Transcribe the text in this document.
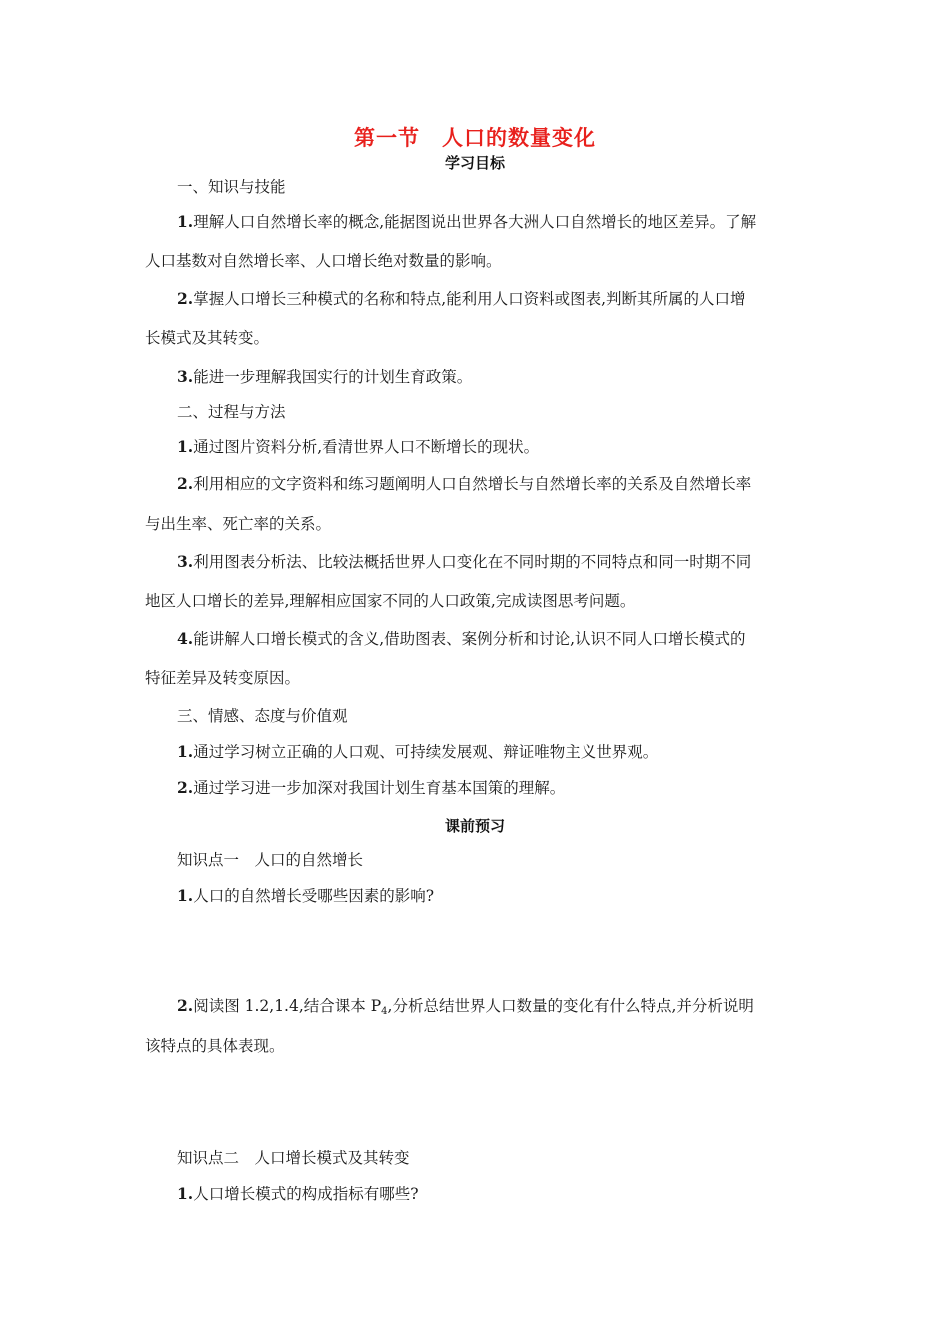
第一节　人口的数量变化
学习目标
一、知识与技能
1.理解人口自然增长率的概念,能据图说出世界各大洲人口自然增长的地区差异。了解
人口基数对自然增长率、人口增长绝对数量的影响。
2.掌握人口增长三种模式的名称和特点,能利用人口资料或图表,判断其所属的人口增
长模式及其转变。
3.能进一步理解我国实行的计划生育政策。
二、过程与方法
1.通过图片资料分析,看清世界人口不断增长的现状。
2.利用相应的文字资料和练习题阐明人口自然增长与自然增长率的关系及自然增长率
与出生率、死亡率的关系。
3.利用图表分析法、比较法概括世界人口变化在不同时期的不同特点和同一时期不同
地区人口增长的差异,理解相应国家不同的人口政策,完成读图思考问题。
4.能讲解人口增长模式的含义,借助图表、案例分析和讨论,认识不同人口增长模式的
特征差异及转变原因。
三、情感、态度与价值观
1.通过学习树立正确的人口观、可持续发展观、辩证唯物主义世界观。
2.通过学习进一步加深对我国计划生育基本国策的理解。
课前预习
知识点一　人口的自然增长
1.人口的自然增长受哪些因素的影响?
2.阅读图 1.2,1.4,结合课本 $P_4$,分析总结世界人口数量的变化有什么特点,并分析说明
该特点的具体表现。
知识点二　人口增长模式及其转变
1.人口增长模式的构成指标有哪些?
